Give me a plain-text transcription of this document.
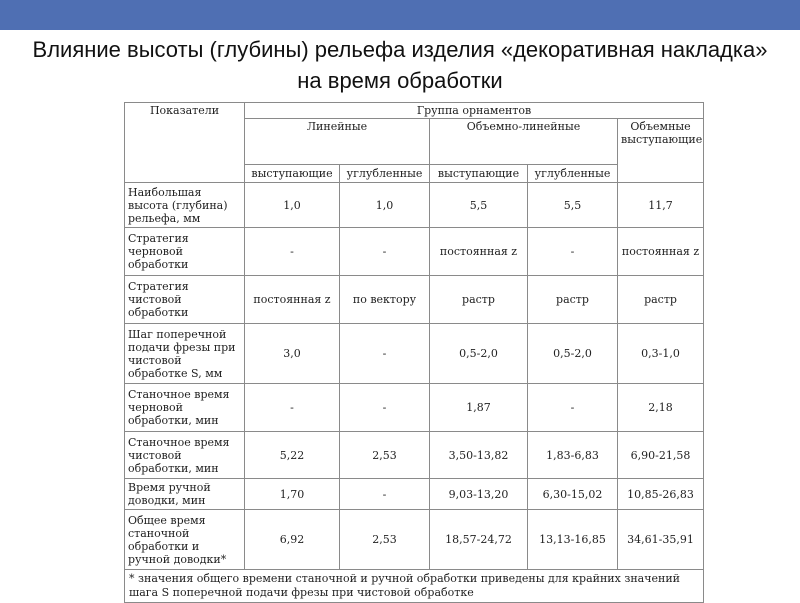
Влияние высоты (глубины) рельефа изделия «декоративная накладка» на время обработки
Показатели	Группа орнаментов				
	Линейные		Объемно-линейные		Объемные выступающие
	выступающие	углубленные	выступающие	углубленные	
Наибольшая высота (глубина) рельефа, мм	1,0	1,0	5,5	5,5	11,7
Стратегия черновой обработки	-	-	постоянная z	-	постоянная z
Стратегия чистовой обработки	постоянная z	по вектору	растр	растр	растр
Шаг поперечной подачи фрезы при чистовой обработке S, мм	3,0	-	0,5-2,0	0,5-2,0	0,3-1,0
Станочное время черновой обработки, мин	-	-	1,87	-	2,18
Станочное время чистовой обработки, мин	5,22	2,53	3,50-13,82	1,83-6,83	6,90-21,58
Время ручной доводки, мин	1,70	-	9,03-13,20	6,30-15,02	10,85-26,83
Общее время станочной обработки и ручной доводки*	6,92	2,53	18,57-24,72	13,13-16,85	34,61-35,91
* значения общего времени станочной и ручной обработки приведены для крайних значений шага S поперечной подачи фрезы при чистовой обработке					
